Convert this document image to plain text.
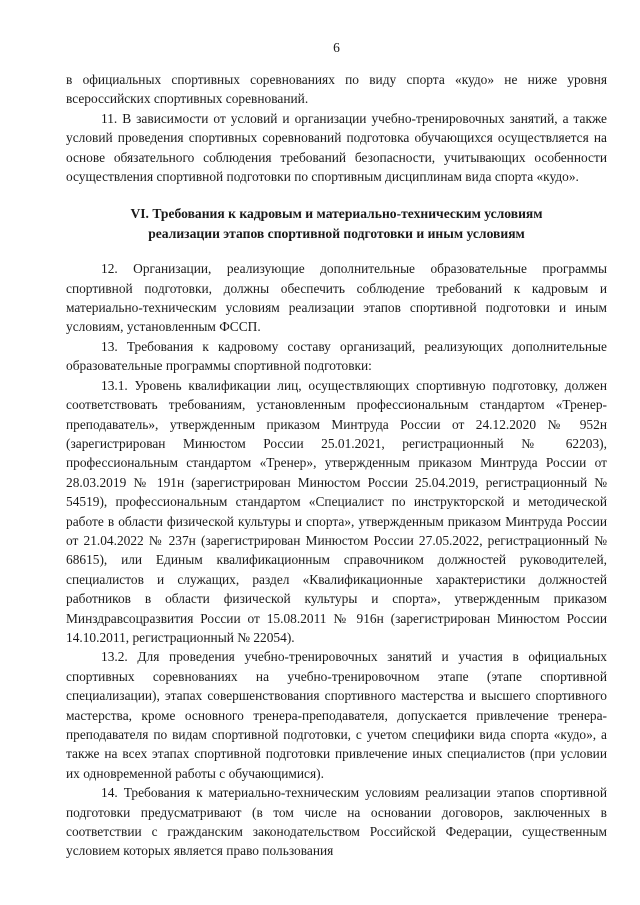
6

в официальных спортивных соревнованиях по виду спорта «кудо» не ниже уровня всероссийских спортивных соревнований.

11. В зависимости от условий и организации учебно-тренировочных занятий, а также условий проведения спортивных соревнований подготовка обучающихся осуществляется на основе обязательного соблюдения требований безопасности, учитывающих особенности осуществления спортивной подготовки по спортивным дисциплинам вида спорта «кудо».

VI. Требования к кадровым и материально-техническим условиям
реализации этапов спортивной подготовки и иным условиям

12. Организации, реализующие дополнительные образовательные программы спортивной подготовки, должны обеспечить соблюдение требований к кадровым и материально-техническим условиям реализации этапов спортивной подготовки и иным условиям, установленным ФССП.

13. Требования к кадровому составу организаций, реализующих дополнительные образовательные программы спортивной подготовки:

13.1. Уровень квалификации лиц, осуществляющих спортивную подготовку, должен соответствовать требованиям, установленным профессиональным стандартом «Тренер-преподаватель», утвержденным приказом Минтруда России от 24.12.2020 № 952н (зарегистрирован Минюстом России 25.01.2021, регистрационный № 62203), профессиональным стандартом «Тренер», утвержденным приказом Минтруда России от 28.03.2019 № 191н (зарегистрирован Минюстом России 25.04.2019, регистрационный № 54519), профессиональным стандартом «Специалист по инструкторской и методической работе в области физической культуры и спорта», утвержденным приказом Минтруда России от 21.04.2022 № 237н (зарегистрирован Минюстом России 27.05.2022, регистрационный № 68615), или Единым квалификационным справочником должностей руководителей, специалистов и служащих, раздел «Квалификационные характеристики должностей работников в области физической культуры и спорта», утвержденным приказом Минздравсоцразвития России от 15.08.2011 № 916н (зарегистрирован Минюстом России 14.10.2011, регистрационный № 22054).

13.2. Для проведения учебно-тренировочных занятий и участия в официальных спортивных соревнованиях на учебно-тренировочном этапе (этапе спортивной специализации), этапах совершенствования спортивного мастерства и высшего спортивного мастерства, кроме основного тренера-преподавателя, допускается привлечение тренера-преподавателя по видам спортивной подготовки, с учетом специфики вида спорта «кудо», а также на всех этапах спортивной подготовки привлечение иных специалистов (при условии их одновременной работы с обучающимися).

14. Требования к материально-техническим условиям реализации этапов спортивной подготовки предусматривают (в том числе на основании договоров, заключенных в соответствии с гражданским законодательством Российской Федерации, существенным условием которых является право пользования
